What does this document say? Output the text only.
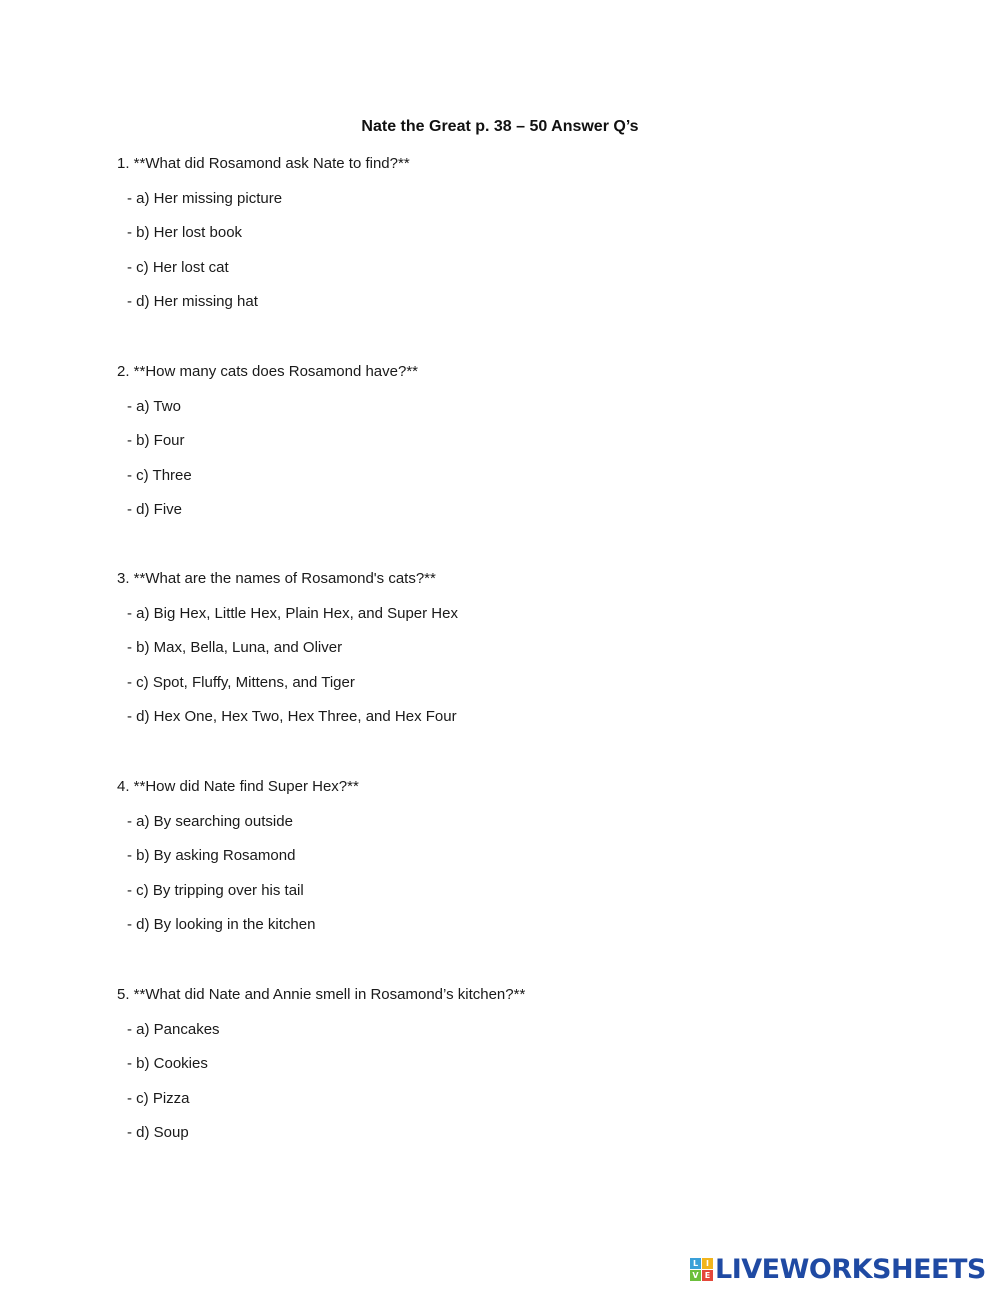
Nate the Great p. 38 – 50 Answer Q’s
1. **What did Rosamond ask Nate to find?**
- a) Her missing picture
- b) Her lost book
- c) Her lost cat
- d) Her missing hat
2. **How many cats does Rosamond have?**
- a) Two
- b) Four
- c) Three
- d) Five
3. **What are the names of Rosamond's cats?**
- a) Big Hex, Little Hex, Plain Hex, and Super Hex
- b) Max, Bella, Luna, and Oliver
- c) Spot, Fluffy, Mittens, and Tiger
- d) Hex One, Hex Two, Hex Three, and Hex Four
4. **How did Nate find Super Hex?**
- a) By searching outside
- b) By asking Rosamond
- c) By tripping over his tail
- d) By looking in the kitchen
5. **What did Nate and Annie smell in Rosamond’s kitchen?**
- a) Pancakes
- b) Cookies
- c) Pizza
- d) Soup
L I
V E LIVEWORKSHEETS
